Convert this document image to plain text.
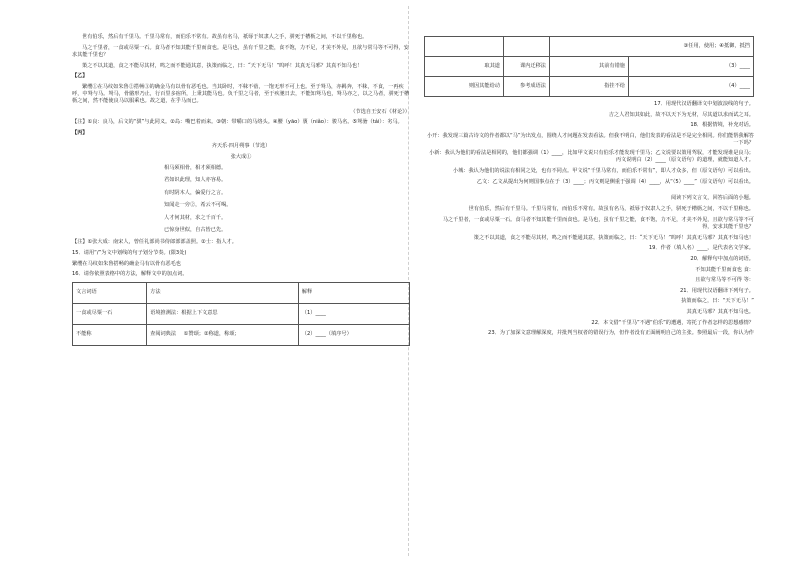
世有伯乐，然后有千里马。千里马常有，而伯乐不常有。故虽有名马，祇辱于奴隶人之手，骈死于槽枥之间，不以千里称也。
马之千里者，一食或尽粟一石。食马者不知其能千里而食也。是马也，虽有千里之能，食不饱，力不足，才美不外见，且欲与常马等不可得，安求其能千里也？
策之不以其道，食之不能尽其材，鸣之而不能通其意，执策而临之，曰：“天下无马！”呜呼！其真无马邪？其真不知马也！
【乙】
繁缨①在马纹如朱鲁②搭畅③的确金马有以骨有恶毛也。当其卧时，不秣不蓿，一饱无形不可上也。至于驽马，亦羁奔，不秣，不食，一再疾呼，中驽与马。驽马，骨骼形乃止，行百里多宿所，上秉其能马也。负千里之马者，至于疾驰日去，不能知驽马也，驽马亦之，以之马者，骈死于槽枥之间，然不能使良马以服乘也。故之道，在乎马而已。
（节选自王安石《材论》）
【注】①良：良马，后文的“骐”与此同义。②岛：嘴巴着而来。③朝：带嚼口的马络头。④腰（yāo）褭（niǎo）：骏马名。⑤驽骀（tái）：劣马。
【丙】
齐天乐·四月朔事（节选）
张大成①
相马须相骨，相才须相德。
君如识此理，知人亦容易。
有时阴木人，偏爱行之言。
知闻走一旁②，希云不可喝。
人才何其材，求之千百千。
已惊身世似，自古皆已先。
【注】①张大成：南宋人，曾任礼部尚书侍郎部部盖照。②士：指人才。
15．请用“/”为文中划线的句子划分节奏。(限3处)
繁缨在马纹如朱鲁搭畅的确金马有以骨有恶毛也
16．请你依照表格中的方法，解释文中的加点词。
文言词语	方法	解释
一食或尽粟一石	语境推测法：根据上下文意思	（1）____
不能称	查阅词典法 ①赞颂；②称道，称颂；	（2）____（填序号）
		③任用，使用；④抵御，抵挡	
取其道	课内迁移法	其前有错施	（3）____
则因其能给动	参考成语法	指挂不给	（4）____
17．用现代汉语翻译文中划波浪线的句子。
吉之人君知其如此，故不以天下为无材，尽其道以求而试之耳。
18．根据情境，补充对话。
小开：我发现三篇古诗文的作者都以“马”为出发点，围绕人才问题在发表看法。但我不明白，他们发表的看法是不是完全相同。你们能帮我解答一下吗？
小新：我认为他们的看法是相同的，他们都强调（1）____，比如甲文说只有伯乐才能发现千里马；乙文说要以策用驾驭，才能发现谁是良马；丙文说明白（2）____（原文语句）的道理，就能知道人才。
小城：我认为他们的说法有相同之处，也有不同点。甲文说“千里马常有，而伯乐不常有”，即人才众多，但（原文语句）可以看出。
乙文：乙文从提出为何则国事点在于（3）____；丙文则是侧重于强调（4）____，从“（5）____”（原文语句）可以看出。
阅读下列文言文，回答后面的小题。
世有伯乐，然后有千里马。千里马常有，而伯乐不常有。故虽有名马，祇辱于奴隶人之手，骈死于槽枥之间，不以千里称也。
马之千里者，一食或尽粟一石。食马者不知其能千里而食也。是马也，虽有千里之能，食不饱，力不足，才美不外见，且欲与常马等不可得，安求其能千里也？
策之不以其道，食之不能尽其材，鸣之而不能通其意，执策而临之，曰：“天下无马！”呜呼！其真无马邪？其真不知马也！
19．作者（填人名）____，是代表名文学家。
20．解释句中加点的词语。
不知其能千里而食也 食：
且欲与常马等不可得 等：
21．用现代汉语翻译下列句子。
执策而临之，曰：“天下无马！”
其真无马邪？其真不知马也。
22．本文借“千里马”不遇“伯乐”的遭遇，寄托了作者怎样的思想感情？
23．为了加深文意理解深度，并批判当权者的错误行为，但作者没有正面阐明自己的主张。参照最后一段，你认为作
